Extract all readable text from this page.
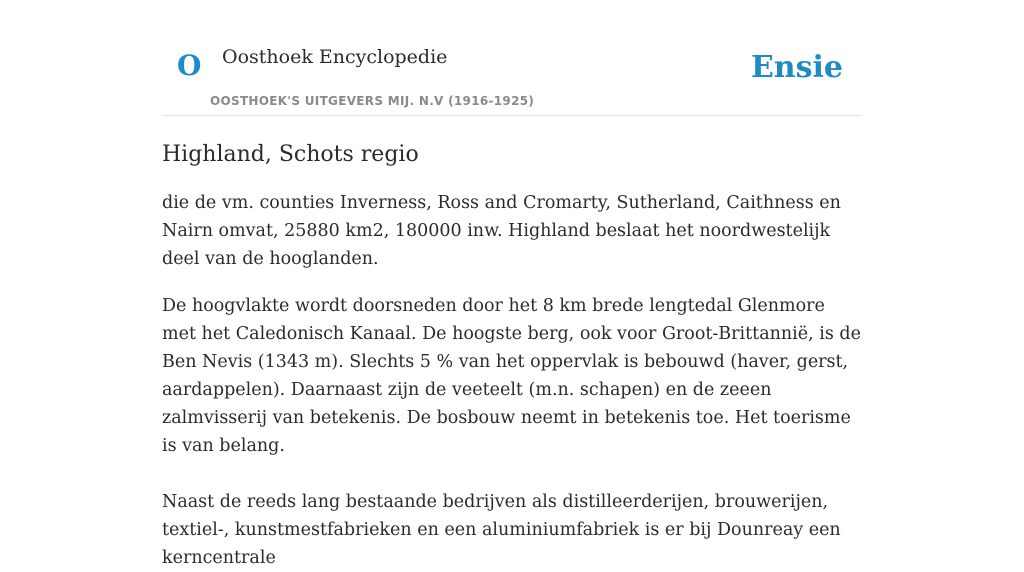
O Oosthoek Encyclopedie
OOSTHOEK'S UITGEVERS MIJ. N.V (1916-1925)
Ensie
Highland, Schots regio

die de vm. counties Inverness, Ross and Cromarty, Sutherland, Caithness en Nairn omvat, 25880 km2, 180000 inw. Highland beslaat het noordwestelijk deel van de hooglanden.

De hoogvlakte wordt doorsneden door het 8 km brede lengtedal Glenmore met het Caledonisch Kanaal. De hoogste berg, ook voor Groot-Brittannië, is de Ben Nevis (1343 m). Slechts 5 % van het oppervlak is bebouwd (haver, gerst, aardappelen). Daarnaast zijn de veeteelt (m.n. schapen) en de zeeen zalmvisserij van betekenis. De bosbouw neemt in betekenis toe. Het toerisme is van belang.

Naast de reeds lang bestaande bedrijven als distilleerderijen, brouwerijen, textiel-, kunstmestfabrieken en een aluminiumfabriek is er bij Dounreay een kerncentrale
